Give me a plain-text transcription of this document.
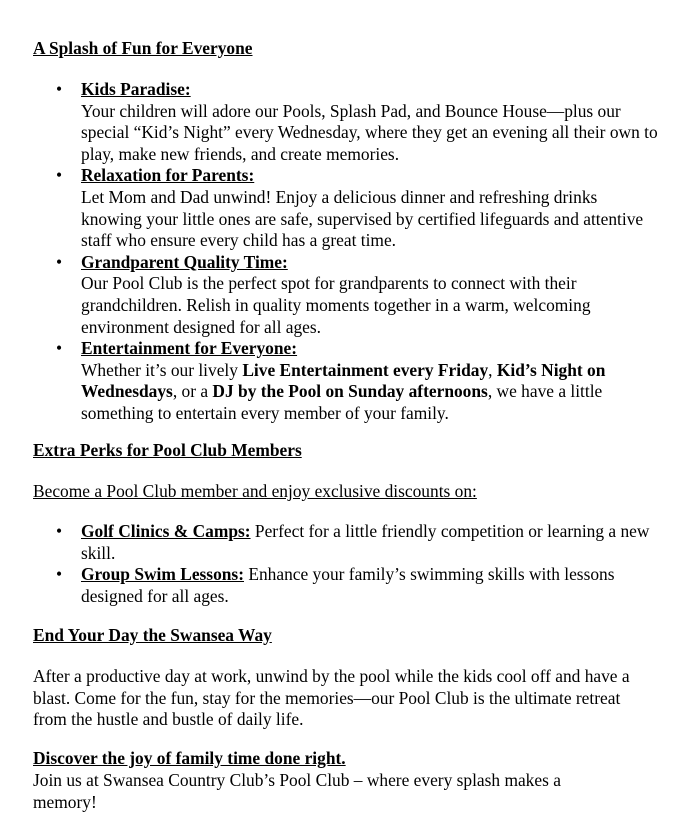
A Splash of Fun for Everyone
• Kids Paradise:
Your children will adore our Pools, Splash Pad, and Bounce House—plus our special “Kid’s Night” every Wednesday, where they get an evening all their own to play, make new friends, and create memories.
• Relaxation for Parents:
Let Mom and Dad unwind! Enjoy a delicious dinner and refreshing drinks knowing your little ones are safe, supervised by certified lifeguards and attentive staff who ensure every child has a great time.
• Grandparent Quality Time:
Our Pool Club is the perfect spot for grandparents to connect with their grandchildren. Relish in quality moments together in a warm, welcoming environment designed for all ages.
• Entertainment for Everyone:
Whether it’s our lively Live Entertainment every Friday, Kid’s Night on Wednesdays, or a DJ by the Pool on Sunday afternoons, we have a little something to entertain every member of your family.
Extra Perks for Pool Club Members
Become a Pool Club member and enjoy exclusive discounts on:
• Golf Clinics & Camps: Perfect for a little friendly competition or learning a new skill.
• Group Swim Lessons: Enhance your family’s swimming skills with lessons designed for all ages.
End Your Day the Swansea Way
After a productive day at work, unwind by the pool while the kids cool off and have a blast. Come for the fun, stay for the memories—our Pool Club is the ultimate retreat from the hustle and bustle of daily life.
Discover the joy of family time done right.
Join us at Swansea Country Club’s Pool Club – where every splash makes a memory!
